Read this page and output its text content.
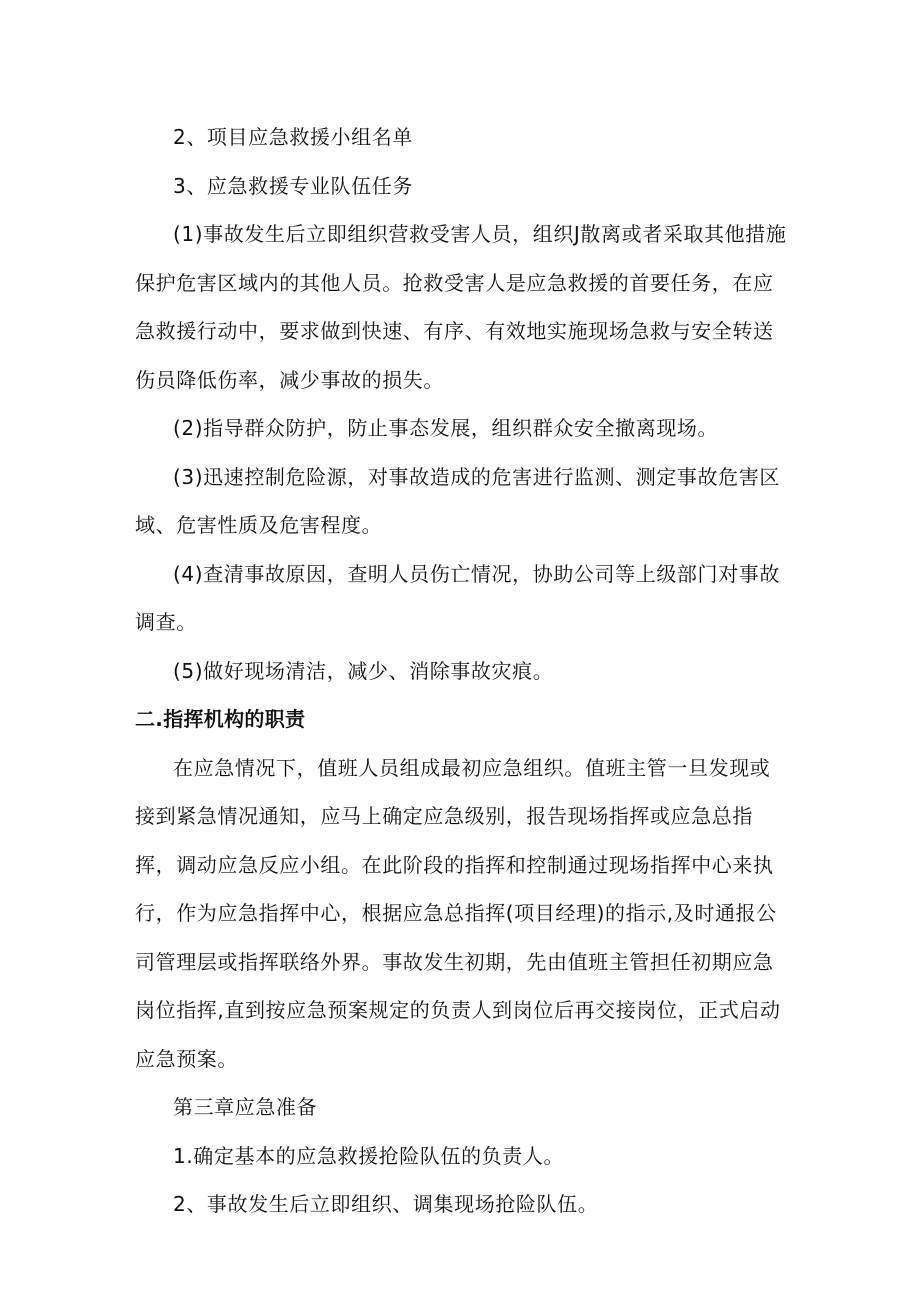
2、项目应急救援小组名单

3、应急救援专业队伍任务

(1)事故发生后立即组织营救受害人员，组织J散离或者采取其他措施保护危害区域内的其他人员。抢救受害人是应急救援的首要任务，在应急救援行动中，要求做到快速、有序、有效地实施现场急救与安全转送伤员降低伤率，减少事故的损失。

(2)指导群众防护，防止事态发展，组织群众安全撤离现场。

(3)迅速控制危险源，对事故造成的危害进行监测、测定事故危害区域、危害性质及危害程度。

(4)查清事故原因，查明人员伤亡情况，协助公司等上级部门对事故调查。

(5)做好现场清洁，减少、消除事故灾痕。

二.指挥机构的职责

在应急情况下，值班人员组成最初应急组织。值班主管一旦发现或接到紧急情况通知，应马上确定应急级别，报告现场指挥或应急总指挥，调动应急反应小组。在此阶段的指挥和控制通过现场指挥中心来执行，作为应急指挥中心，根据应急总指挥(项目经理)的指示,及时通报公司管理层或指挥联络外界。事故发生初期，先由值班主管担任初期应急岗位指挥,直到按应急预案规定的负责人到岗位后再交接岗位，正式启动应急预案。

第三章应急准备

1.确定基本的应急救援抢险队伍的负责人。

2、事故发生后立即组织、调集现场抢险队伍。
